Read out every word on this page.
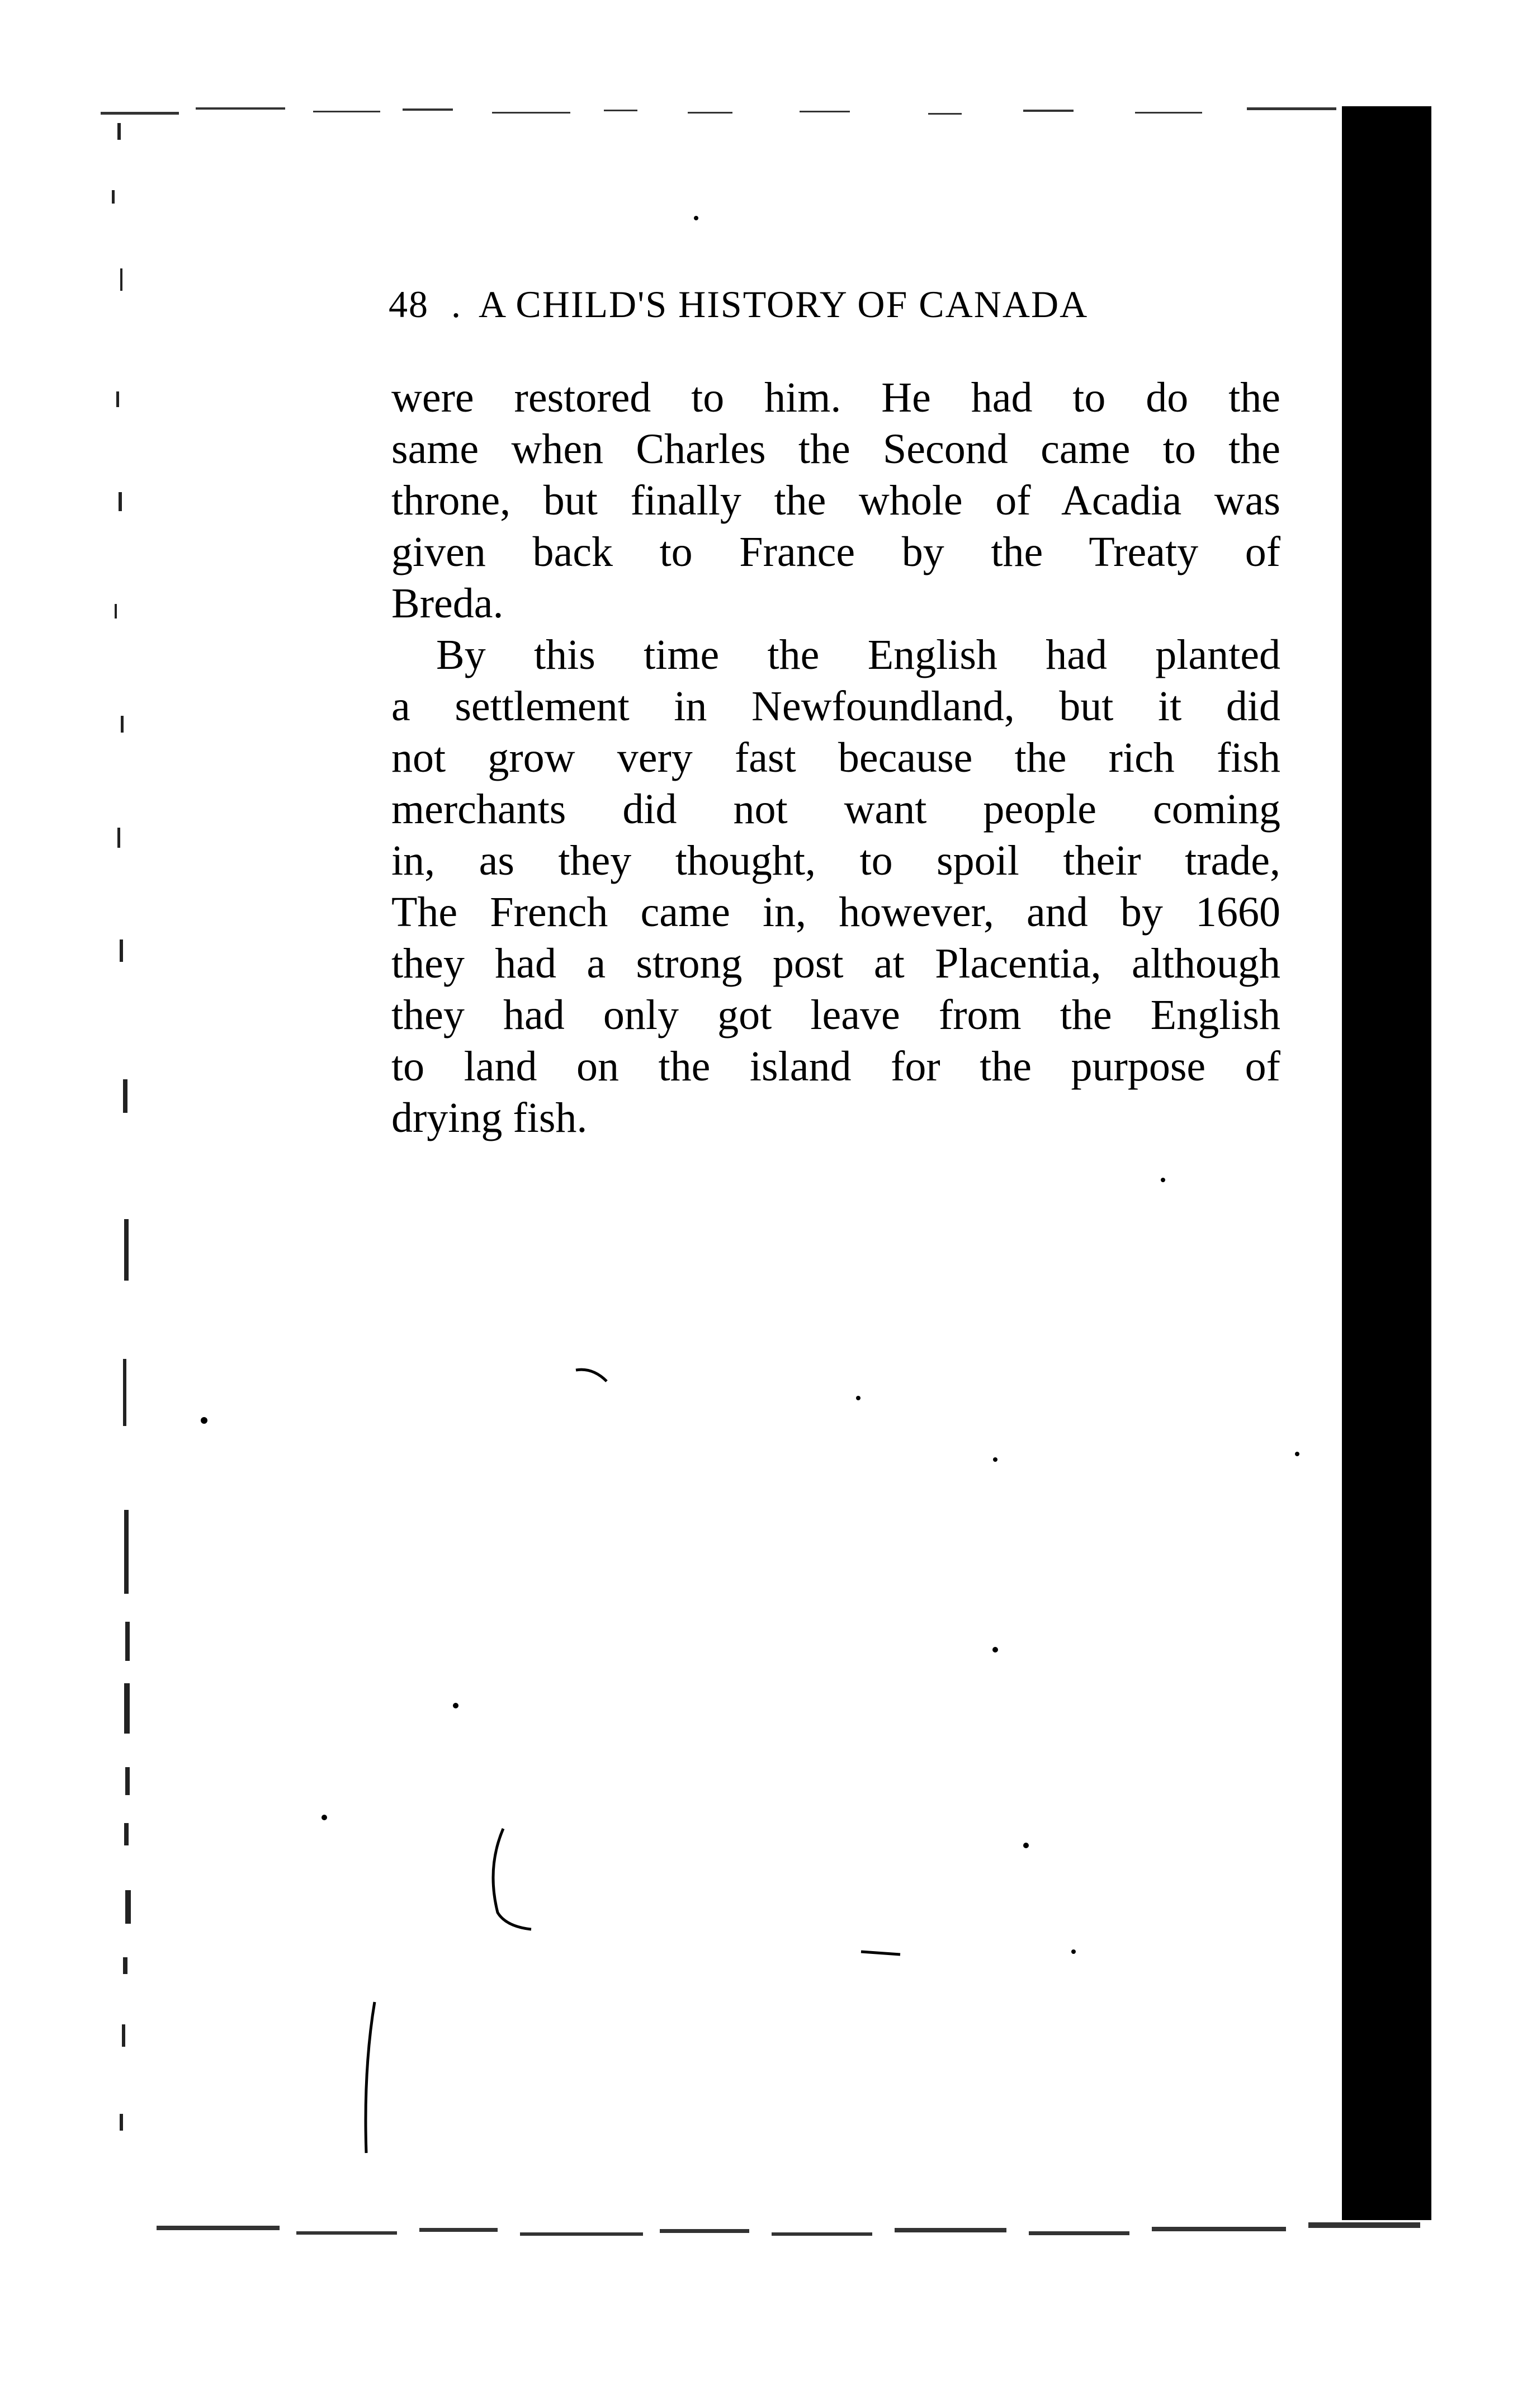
48 . A CHILD'S HISTORY OF CANADA
were restored to him. He had to do the
same when Charles the Second came to the
throne, but finally the whole of Acadia was
given back to France by the Treaty of
Breda.
By this time the English had planted
a settlement in Newfoundland, but it did
not grow very fast because the rich fish
merchants did not want people coming
in, as they thought, to spoil their trade,
The French came in, however, and by 1660
they had a strong post at Placentia, although
they had only got leave from the English
to land on the island for the purpose of
drying fish.
